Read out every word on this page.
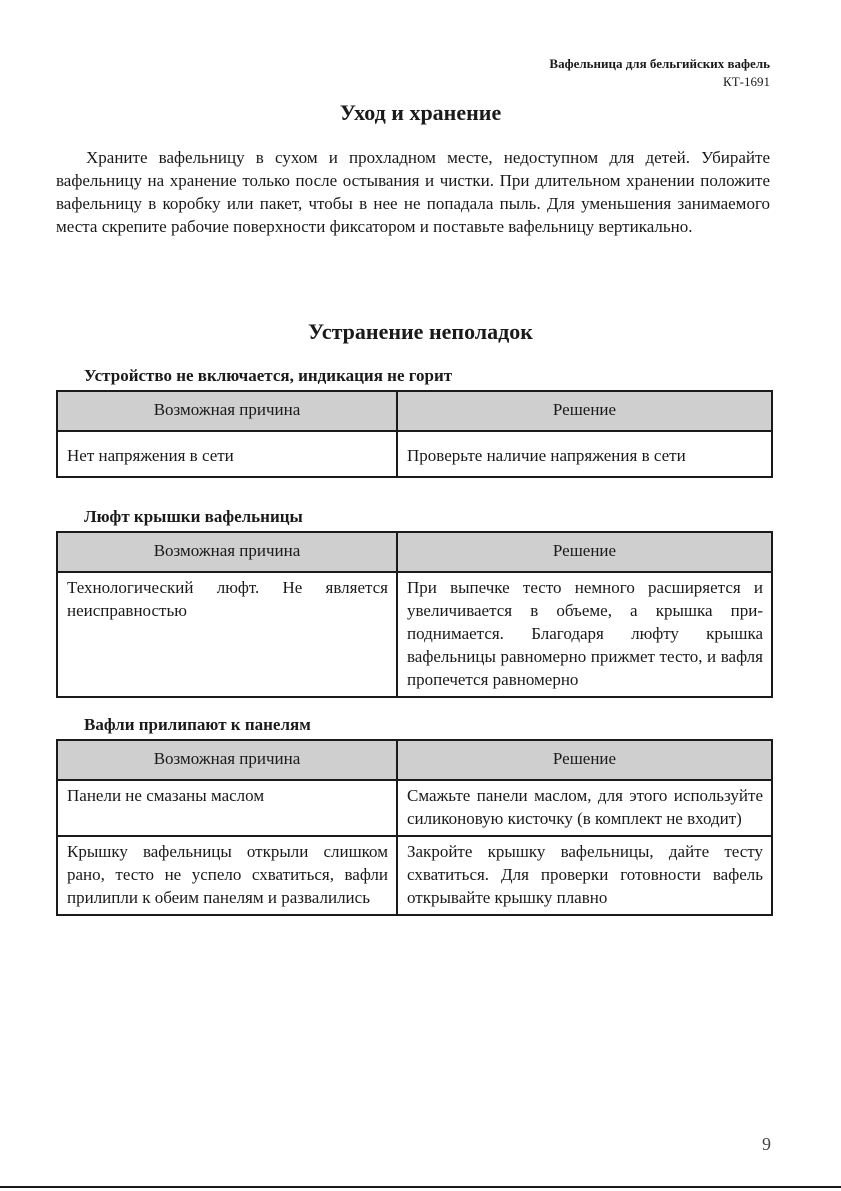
Вафельница для бельгийских вафель
КТ-1691
Уход и хранение

Храните вафельницу в сухом и прохладном месте, недоступном для детей. Убирайте вафельницу на хранение только после остывания и чистки. При длительном хранении положите вафельницу в коробку или пакет, чтобы в нее не попадала пыль. Для уменьшения занимаемого места скрепите рабочие поверхности фиксатором и поставьте вафельницу вертикально.

Устранение неполадок

Устройство не включается, индикация не горит

Возможная причина	Решение
Нет напряжения в сети	Проверьте наличие напряжения в сети

Люфт крышки вафельницы

Возможная причина	Решение
Технологический люфт. Не является неисправностью	При выпечке тесто немного расширяется и увеличивается в объеме, а крышка приподнимается. Благодаря люфту крышка вафельницы равномерно прижмет тесто, и вафля пропечется равномерно

Вафли прилипают к панелям

Возможная причина	Решение
Панели не смазаны маслом	Смажьте панели маслом, для этого используйте силиконовую кисточку (в комплект не входит)
Крышку вафельницы открыли слишком рано, тесто не успело схватиться, вафли прилипли к обеим панелям и развалились	Закройте крышку вафельницы, дайте тесту схватиться. Для проверки готовности вафель открывайте крышку плавно
9
